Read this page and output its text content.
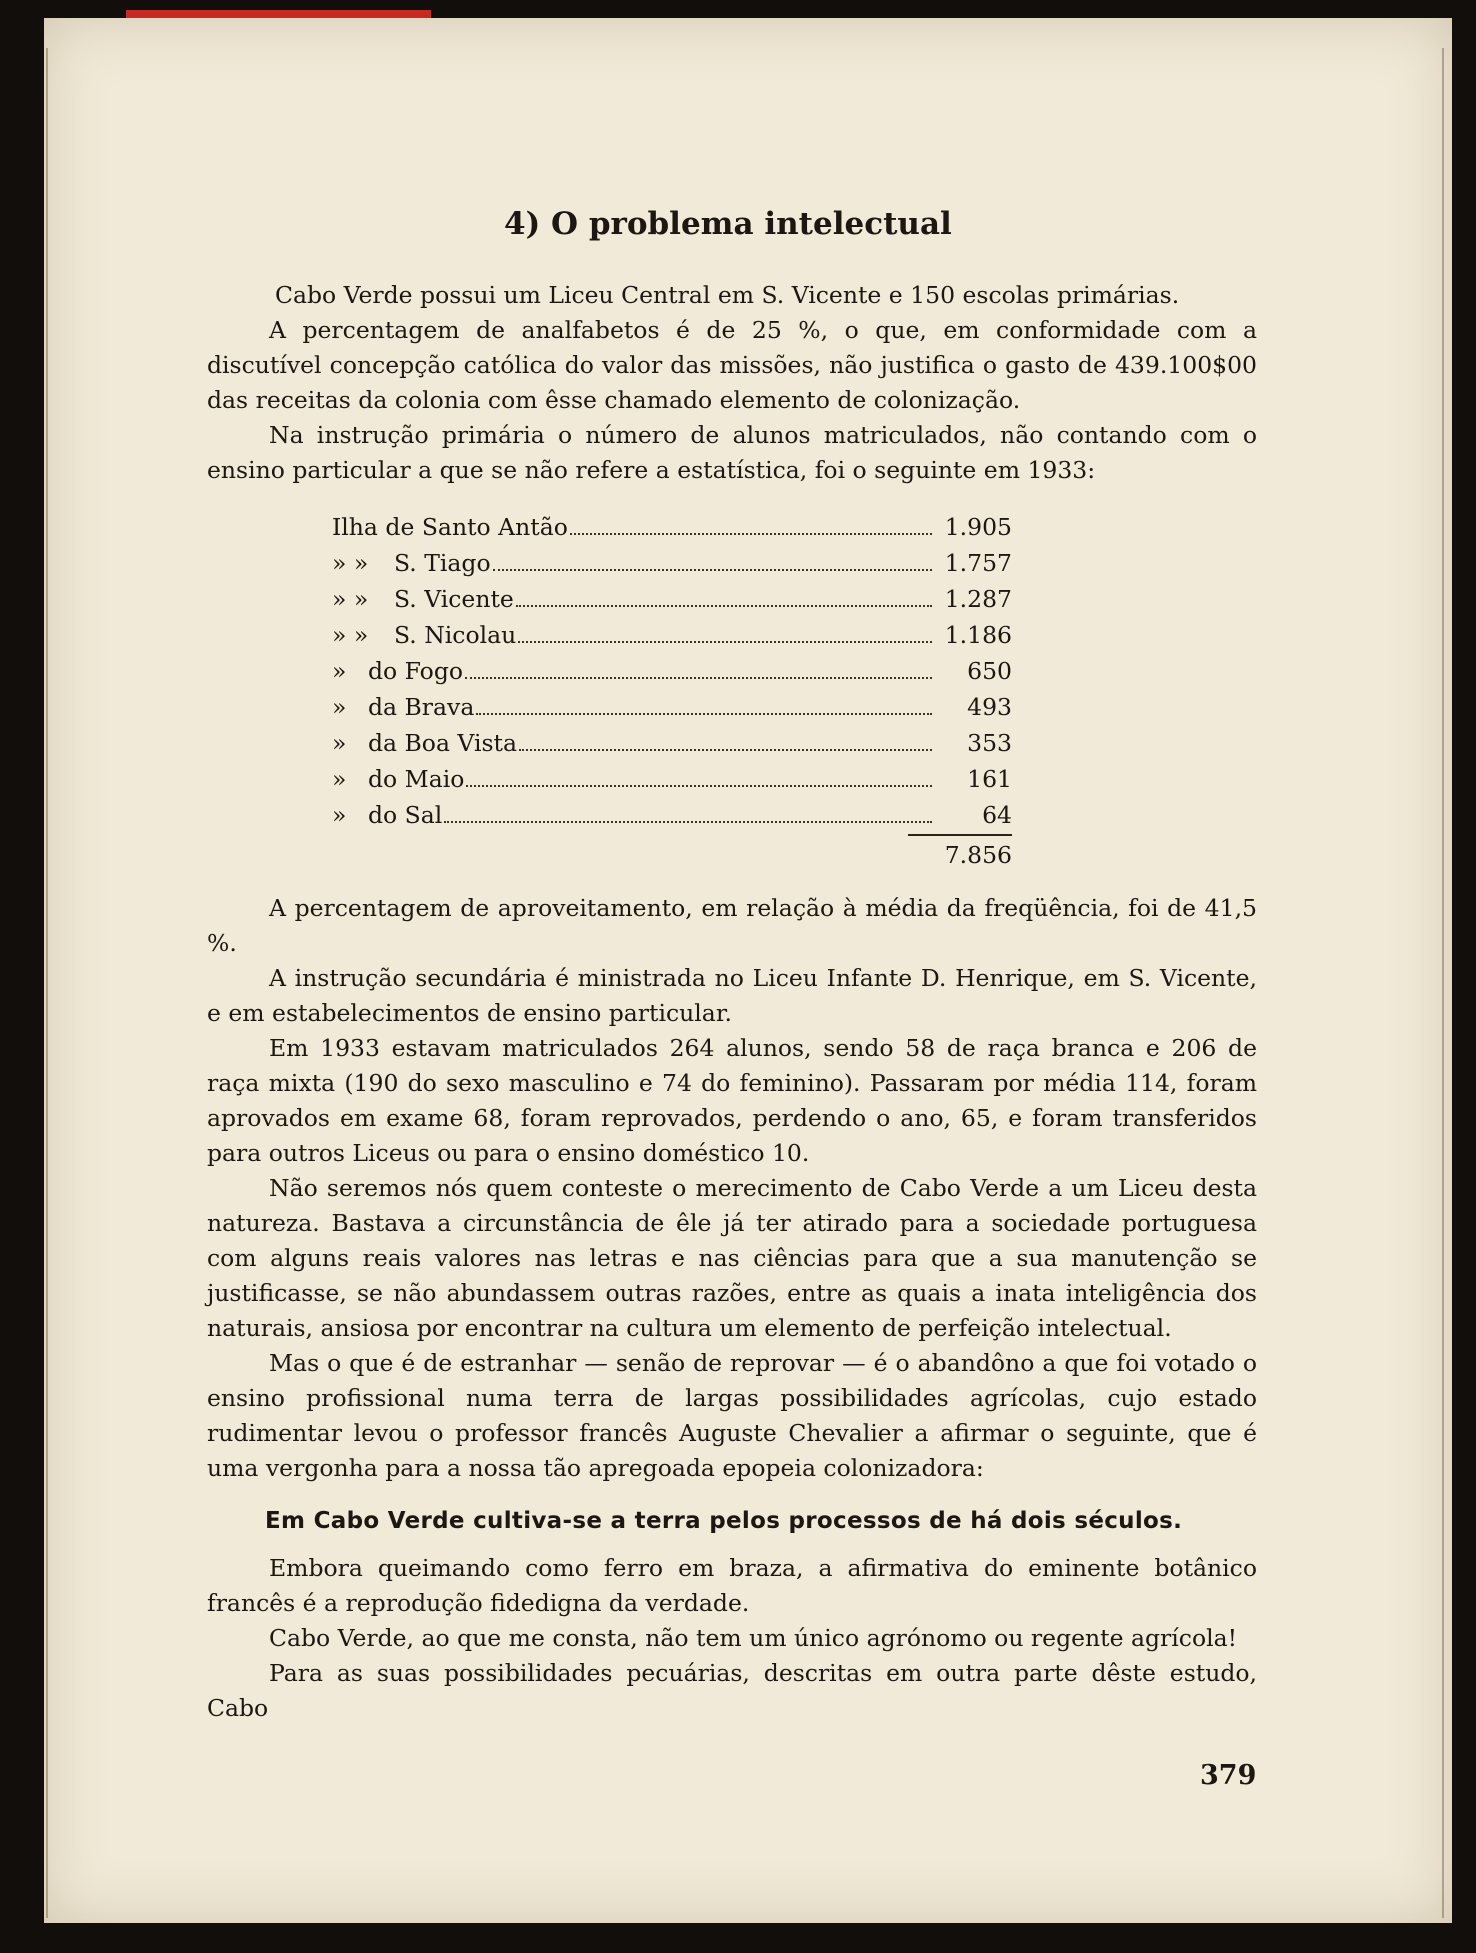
4) O problema intelectual

Cabo Verde possui um Liceu Central em S. Vicente e 150 escolas primárias.

A percentagem de analfabetos é de 25 %, o que, em conformidade com a discutível concepção católica do valor das missões, não justifica o gasto de 439.100$00 das receitas da colonia com êsse chamado elemento de colonização.

Na instrução primária o número de alunos matriculados, não contando com o ensino particular a que se não refere a estatística, foi o seguinte em 1933:

Ilha de Santo Antão	1.905
» »	S. Tiago	1.757
» »	S. Vicente	1.287
» »	S. Nicolau	1.186
» do Fogo	650
» da Brava	493
» da Boa Vista	353
» do Maio	161
» do Sal	64
7.856

A percentagem de aproveitamento, em relação à média da freqüência, foi de 41,5 %.

A instrução secundária é ministrada no Liceu Infante D. Henrique, em S. Vicente, e em estabelecimentos de ensino particular.

Em 1933 estavam matriculados 264 alunos, sendo 58 de raça branca e 206 de raça mixta (190 do sexo masculino e 74 do feminino). Passaram por média 114, foram aprovados em exame 68, foram reprovados, perdendo o ano, 65, e foram transferidos para outros Liceus ou para o ensino doméstico 10.

Não seremos nós quem conteste o merecimento de Cabo Verde a um Liceu desta natureza. Bastava a circunstância de êle já ter atirado para a sociedade portuguesa com alguns reais valores nas letras e nas ciências para que a sua manutenção se justificasse, se não abundassem outras razões, entre as quais a inata inteligência dos naturais, ansiosa por encontrar na cultura um elemento de perfeição intelectual.

Mas o que é de estranhar — senão de reprovar — é o abandôno a que foi votado o ensino profissional numa terra de largas possibilidades agrícolas, cujo estado rudimentar levou o professor francês Auguste Chevalier a afirmar o seguinte, que é uma vergonha para a nossa tão apregoada epopeia colonizadora:

Em Cabo Verde cultiva-se a terra pelos processos de há dois séculos.

Embora queimando como ferro em braza, a afirmativa do eminente botânico francês é a reprodução fidedigna da verdade.

Cabo Verde, ao que me consta, não tem um único agrónomo ou regente agrícola!

Para as suas possibilidades pecuárias, descritas em outra parte dêste estudo, Cabo

379
